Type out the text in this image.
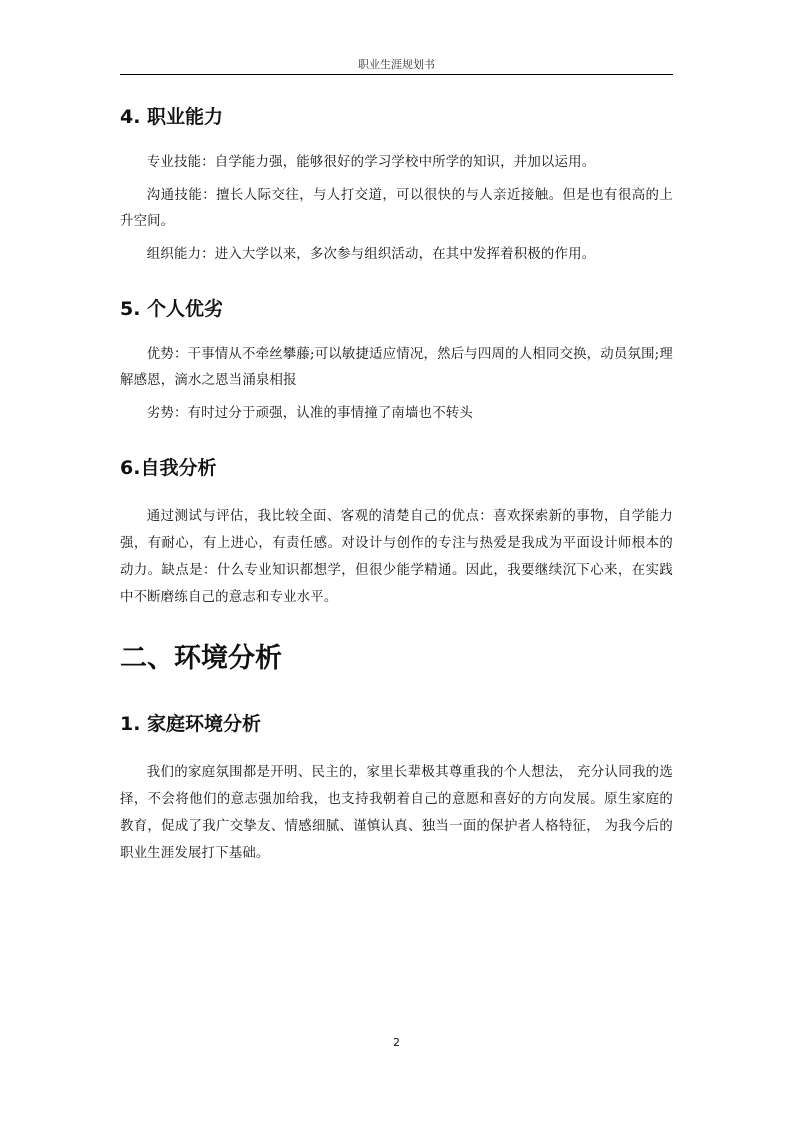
职业生涯规划书
4. 职业能力

专业技能：自学能力强，能够很好的学习学校中所学的知识，并加以运用。

沟通技能：擅长人际交往，与人打交道，可以很快的与人亲近接触。但是也有很高的上升空间。

组织能力：进入大学以来，多次参与组织活动，在其中发挥着积极的作用。

5. 个人优劣

优势：干事情从不牵丝攀藤;可以敏捷适应情况，然后与四周的人相同交换，动员氛围;理解感恩，滴水之恩当涌泉相报

劣势：有时过分于顽强，认准的事情撞了南墙也不转头

6.自我分析

通过测试与评估，我比较全面、客观的清楚自己的优点：喜欢探索新的事物，自学能力强，有耐心，有上进心，有责任感。对设计与创作的专注与热爱是我成为平面设计师根本的动力。缺点是：什么专业知识都想学，但很少能学精通。因此，我要继续沉下心来，在实践中不断磨练自己的意志和专业水平。

二、环境分析
1. 家庭环境分析

我们的家庭氛围都是开明、民主的，家里长辈极其尊重我的个人想法， 充分认同我的选择，不会将他们的意志强加给我，也支持我朝着自己的意愿和喜好的方向发展。原生家庭的教育，促成了我广交挚友、情感细腻、谨慎认真、独当一面的保护者人格特征， 为我今后的职业生涯发展打下基础。

2
